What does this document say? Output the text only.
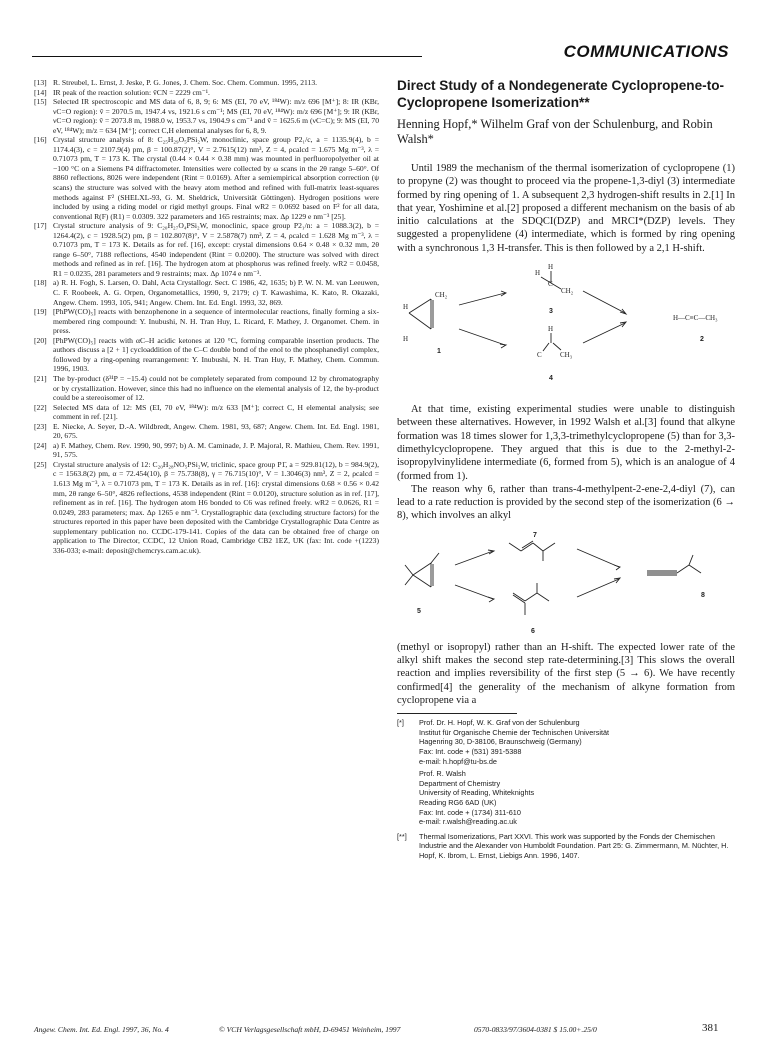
COMMUNICATIONS

[13] R. Streubel, L. Ernst, J. Jeske, P. G. Jones, J. Chem. Soc. Chem. Commun. 1995, 2113.

[14] IR peak of the reaction solution: ṽCN = 2229 cm⁻¹.

[15] Selected IR spectroscopic and MS data of 6, 8, 9; 6: MS (EI, 70 eV, ¹⁸⁴W): m/z 696 [M⁺]; 8: IR (KBr, νC=O region): ṽ = 2070.5 m, 1947.4 vs, 1921.6 s cm⁻¹; MS (EI, 70 eV, ¹⁸⁴W): m/z 696 [M⁺]; 9: IR (KBr, νC=O region): ṽ = 2073.8 m, 1988.0 w, 1953.7 vs, 1904.9 s cm⁻¹ and ṽ = 1625.6 m (νC=C); 9: MS (EI, 70 eV, ¹⁸⁴W); m/z = 634 [M⁺]; correct C,H elemental analyses for 6, 8, 9.

[16] Crystal structure analysis of 8: C₂₅H₂₉O₅PSi₂W, monoclinic, space group P2₁/c, a = 1135.9(4), b = 1174.4(3), c = 2107.9(4) pm, β = 100.87(2)°, V = 2.7615(12) nm³, Z = 4, ρcalcd = 1.675 Mg m⁻³, λ = 0.71073 pm, T = 173 K. The crystal (0.44 × 0.44 × 0.38 mm) was mounted in perfluoropolyether oil at −100 °C on a Siemens P4 diffractometer. Intensities were collected by ω scans in the 2θ range 5–60°. Of 8860 reflections, 8026 were independent (Rint = 0.0169). After a semiempirical absorption correction (ψ scans) the structure was solved with the heavy atom method and refined with full-matrix least-squares methods against F² (SHELXL-93, G. M. Sheldrick, Universität Göttingen). Hydrogen positions were included by using a riding model or rigid methyl groups. Final wR2 = 0.0692 based on F² for all data, conventional R(F) (R1) = 0.0309. 322 parameters and 165 restraints; max. Δρ 1229 e nm⁻³ [25].

[17] Crystal structure analysis of 9: C₂₀H₂₇O₄PSi₂W, monoclinic, space group P2₁/n: a = 1088.3(2), b = 1264.4(2), c = 1928.5(2) pm, β = 102.807(8)°, V = 2.5878(7) nm³, Z = 4, ρcalcd = 1.628 Mg m⁻³, λ = 0.71073 pm, T = 173 K. Details as for ref. [16], except: crystal dimensions 0.64 × 0.48 × 0.32 mm, 2θ range 6–50°, 7188 reflections, 4540 independent (Rint = 0.0200). The structure was solved with direct methods and refined as in ref. [16]. The hydrogen atom at phosphorus was refined freely. wR2 = 0.0458, R1 = 0.0235, 281 parameters and 9 restraints; max. Δρ 1074 e nm⁻³.

[18] a) R. H. Fogh, S. Larsen, O. Dahl, Acta Crystallogr. Sect. C 1986, 42, 1635; b) P. W. N. M. van Leeuwen, C. F. Roobeek, A. G. Orpen, Organometallics, 1990, 9, 2179; c) T. Kawashima, K. Kato, R. Okazaki, Angew. Chem. 1993, 105, 941; Angew. Chem. Int. Ed. Engl. 1993, 32, 869.

[19] [PhPW(CO)₅] reacts with benzophenone in a sequence of intermolecular reactions, finally forming a six-membered ring compound: Y. Inubushi, N. H. Tran Huy, L. Ricard, F. Mathey, J. Organomet. Chem. in press.

[20] [PhPW(CO)₅] reacts with αC–H acidic ketones at 120 °C, forming comparable insertion products. The authors discuss a [2 + 1] cycloaddition of the C–C double bond of the enol to the phosphanediyl complex, followed by a ring-opening rearrangement: Y. Inubushi, N. H. Tran Huy, F. Mathey, Chem. Commun. 1996, 1903.

[21] The by-product (δ³¹P = −15.4) could not be completely separated from compound 12 by chromatography or by crystallization. However, since this had no influence on the elemental analysis of 12, the by-product could be a stereoisomer of 12.

[22] Selected MS data of 12: MS (EI, 70 eV, ¹⁸⁴W): m/z 633 [M⁺]; correct C, H elemental analysis; see comment in ref. [21].

[23] E. Niecke, A. Seyer, D.-A. Wildbredt, Angew. Chem. 1981, 93, 687; Angew. Chem. Int. Ed. Engl. 1981, 20, 675.

[24] a) F. Mathey, Chem. Rev. 1990, 90, 997; b) A. M. Caminade, J. P. Majoral, R. Mathieu, Chem. Rev. 1991, 91, 575.

[25] Crystal structure analysis of 12: C₂₀H₂₈NO₅PSi₂W, triclinic, space group P1̄, a = 929.81(12), b = 984.9(2), c = 1563.8(2) pm, α = 72.454(10), β = 75.738(8), γ = 76.715(10)°, V = 1.3046(3) nm³, Z = 2, ρcalcd = 1.613 Mg m⁻³, λ = 0.71073 pm, T = 173 K. Details as in ref. [16]: crystal dimensions 0.68 × 0.56 × 0.42 mm, 2θ range 6–50°, 4826 reflections, 4538 independent (Rint = 0.0120), structure solution as in ref. [17], refinement as in ref. [16]. The hydrogen atom H6 bonded to C6 was refined freely. wR2 = 0.0626, R1 = 0.0249, 283 parameters; max. Δρ 1265 e nm⁻³. Crystallographic data (excluding structure factors) for the structures reported in this paper have been deposited with the Cambridge Crystallographic Data Centre as supplementary publication no. CCDC-179-141. Copies of the data can be obtained free of charge on application to The Director, CCDC, 12 Union Road, Cambridge CB2 1EZ, UK (fax: Int. code +(1223) 336-033; e-mail: deposit@chemcrys.cam.ac.uk).

Direct Study of a Nondegenerate Cyclopropene-to-Cyclopropene Isomerization**
Henning Hopf,* Wilhelm Graf von der Schulenburg, and Robin Walsh*

Until 1989 the mechanism of the thermal isomerization of cyclopropene (1) to propyne (2) was thought to proceed via the propene-1,3-diyl (3) intermediate formed by ring opening of 1. A subsequent 2,3 hydrogen-shift results in 2.[1] In that year, Yoshimine et al.[2] proposed a different mechanism on the basis of ab initio calculations at the SDQCI(DZP) and MRCI*(DZP) levels. They suggested a propenylidene (4) intermediate, which is formed by ring opening with a synchronous 1,3 H-transfer. This is then followed by a 2,1 H-shift.

H
CH₂
H
1
H
H
C
CH₂
3
H—C≡C—CH₃
2
H
C	CH₃
4

At that time, existing experimental studies were unable to distinguish between these alternatives. However, in 1992 Walsh et al.[3] found that alkyne formation was 18 times slower for 1,3,3-trimethylcyclopropene (5) than for 3,3-dimethylcyclopropene. They argued that this is due to the 2-methyl-2-isopropylvinylidene intermediate (6, formed from 5), which is an analogue of 4 (formed from 1).

The reason why 6, rather than trans-4-methylpent-2-ene-2,4-diyl (7), can lead to a rate reduction is provided by the second step of the isomerization (6 → 8), which involves an alkyl

5
6
7
8

(methyl or isopropyl) rather than an H-shift. The expected lower rate of the alkyl shift makes the second step rate-determining.[3] This slows the overall reaction and implies reversibility of the first step (5 → 6). We have recently confirmed[4] the generality of the mechanism of alkyne formation from cyclopropene via a

[*] Prof. Dr. H. Hopf, W. K. Graf von der Schulenburg
Institut für Organische Chemie der Technischen Universität
Hagenring 30, D-38106, Braunschweig (Germany)
Fax: Int. code + (531) 391-5388
e-mail: h.hopf@tu-bs.de
Prof. R. Walsh
Department of Chemistry
University of Reading, Whiteknights
Reading RG6 6AD (UK)
Fax: Int. code + (1734) 311-610
e-mail: r.walsh@reading.ac.uk
[**] Thermal Isomerizations, Part XXVI. This work was supported by the Fonds der Chemischen Industrie and the Alexander von Humboldt Foundation. Part 25: G. Zimmermann, M. Nüchter, H. Hopf, K. Ibrom, L. Ernst, Liebigs Ann. 1996, 1407.
Angew. Chem. Int. Ed. Engl. 1997, 36, No. 4	© VCH Verlagsgesellschaft mbH, D-69451 Weinheim, 1997	0570-0833/97/3604-0381 $ 15.00+.25/0	381
